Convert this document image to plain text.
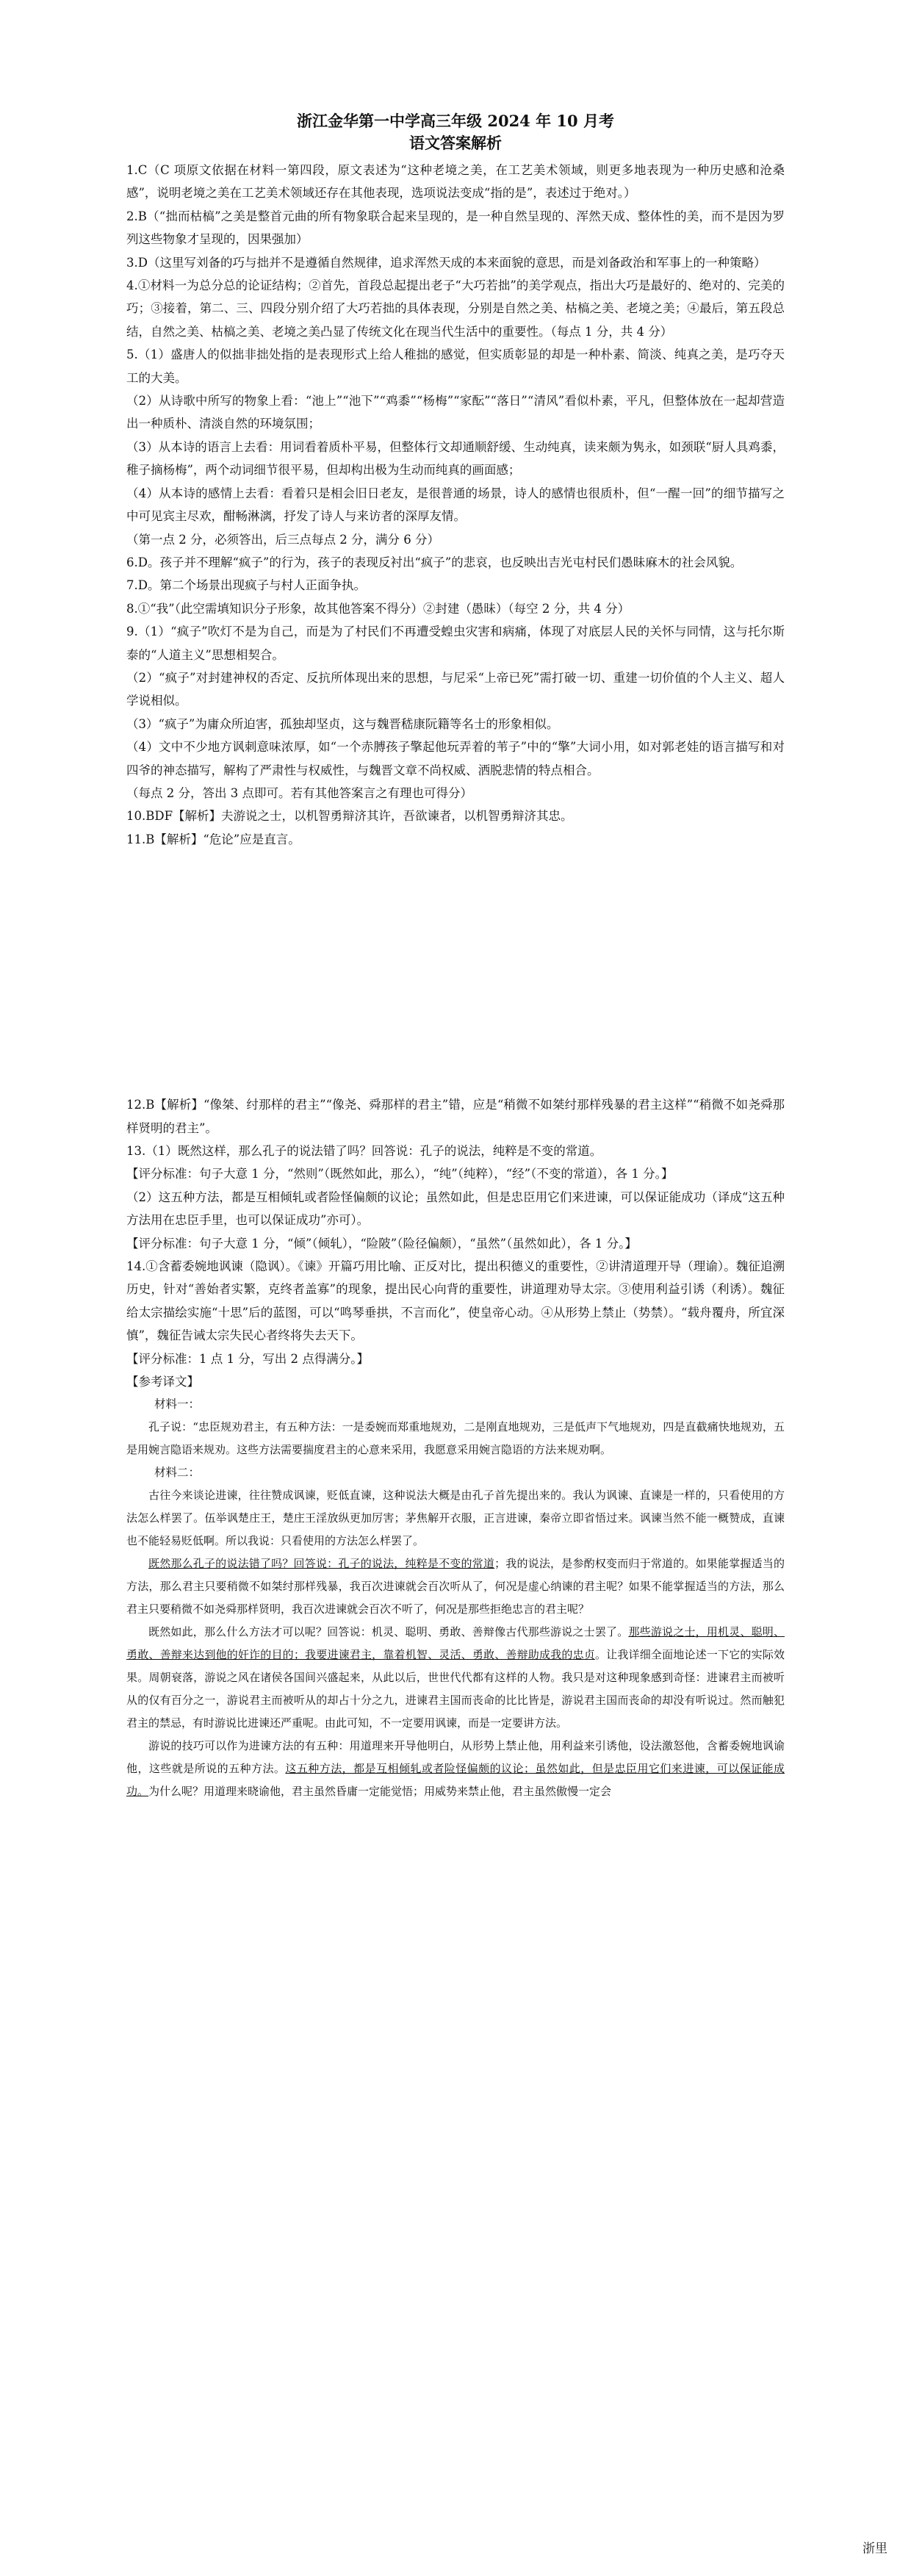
浙江金华第一中学高三年级 2024 年 10 月考
语文答案解析

1.C（C 项原文依据在材料一第四段，原文表述为“这种老境之美，在工艺美术领域，则更多地表现为一种历史感和沧桑感”，说明老境之美在工艺美术领域还存在其他表现，选项说法变成“指的是”，表述过于绝对。）

2.B（“拙而枯槁”之美是整首元曲的所有物象联合起来呈现的，是一种自然呈现的、浑然天成、整体性的美，而不是因为罗列这些物象才呈现的，因果强加）

3.D（这里写刘备的巧与拙并不是遵循自然规律，追求浑然天成的本来面貌的意思，而是刘备政治和军事上的一种策略）

4.①材料一为总分总的论证结构；②首先，首段总起提出老子“大巧若拙”的美学观点，指出大巧是最好的、绝对的、完美的巧；③接着，第二、三、四段分别介绍了大巧若拙的具体表现，分别是自然之美、枯槁之美、老境之美；④最后，第五段总结，自然之美、枯槁之美、老境之美凸显了传统文化在现当代生活中的重要性。（每点 1 分，共 4 分）

5.（1）盛唐人的似拙非拙处指的是表现形式上给人稚拙的感觉，但实质彰显的却是一种朴素、简淡、纯真之美，是巧夺天工的大美。

（2）从诗歌中所写的物象上看：“池上”“池下”“鸡黍”“杨梅”“家酝”“落日”“清风”看似朴素，平凡，但整体放在一起却营造出一种质朴、清淡自然的环境氛围；

（3）从本诗的语言上去看：用词看着质朴平易，但整体行文却通顺舒缓、生动纯真，读来颇为隽永，如颈联“厨人具鸡黍，稚子摘杨梅”，两个动词细节很平易，但却构出极为生动而纯真的画面感；

（4）从本诗的感情上去看：看着只是相会旧日老友，是很普通的场景，诗人的感情也很质朴，但“一醒一回”的细节描写之中可见宾主尽欢，酣畅淋漓，抒发了诗人与来访者的深厚友情。

（第一点 2 分，必须答出，后三点每点 2 分，满分 6 分）

6.D。孩子并不理解“疯子”的行为，孩子的表现反衬出“疯子”的悲哀，也反映出吉光屯村民们愚昧麻木的社会风貌。

7.D。第二个场景出现疯子与村人正面争执。

8.①“我”（此空需填知识分子形象，故其他答案不得分）②封建（愚昧）（每空 2 分，共 4 分）

9.（1）“疯子”吹灯不是为自己，而是为了村民们不再遭受蝗虫灾害和病痛，体现了对底层人民的关怀与同情，这与托尔斯泰的“人道主义”思想相契合。

（2）“疯子”对封建神权的否定、反抗所体现出来的思想，与尼采“上帝已死”需打破一切、重建一切价值的个人主义、超人学说相似。

（3）“疯子”为庸众所迫害，孤独却坚贞，这与魏晋嵇康阮籍等名士的形象相似。

（4）文中不少地方讽刺意味浓厚，如“一个赤膊孩子擎起他玩弄着的苇子”中的“擎”大词小用，如对郭老娃的语言描写和对四爷的神态描写，解构了严肃性与权威性，与魏晋文章不尚权威、洒脱悲情的特点相合。

（每点 2 分，答出 3 点即可。若有其他答案言之有理也可得分）

10.BDF【解析】夫游说之士，以机智勇辩济其许，吾欲谏者，以机智勇辩济其忠。

11.B【解析】“危论”应是直言。

12.B【解析】“像桀、纣那样的君主”“像尧、舜那样的君主”错，应是“稍微不如桀纣那样残暴的君主这样”“稍微不如尧舜那样贤明的君主”。

13.（1）既然这样，那么孔子的说法错了吗？回答说：孔子的说法，纯粹是不变的常道。

【评分标准：句子大意 1 分，“然则”（既然如此，那么），“纯”（纯粹），“经”（不变的常道），各 1 分。】

（2）这五种方法，都是互相倾轧或者险怪偏颇的议论；虽然如此，但是忠臣用它们来进谏，可以保证能成功（译成“这五种方法用在忠臣手里，也可以保证成功”亦可）。

【评分标准：句子大意 1 分，“倾”（倾轧），“险陂”（险径偏颇），“虽然”（虽然如此），各 1 分。】

14.①含蓄委婉地讽谏（隐讽）。《谏》开篇巧用比喻、正反对比，提出积德义的重要性，②讲清道理开导（理谕）。魏征追溯历史，针对“善始者实繁，克终者盖寡”的现象，提出民心向背的重要性，讲道理劝导太宗。③使用利益引诱（利诱）。魏征给太宗描绘实施“十思”后的蓝图，可以“鸣琴垂拱，不言而化”，使皇帝心动。④从形势上禁止（势禁）。“载舟覆舟，所宜深慎”，魏征告诫太宗失民心者终将失去天下。

【评分标准：1 点 1 分，写出 2 点得满分。】

【参考译文】

材料一：

孔子说：“忠臣规劝君主，有五种方法：一是委婉而郑重地规劝，二是刚直地规劝，三是低声下气地规劝，四是直截痛快地规劝，五是用婉言隐语来规劝。这些方法需要揣度君主的心意来采用，我愿意采用婉言隐语的方法来规劝啊。

材料二：

古往今来谈论进谏，往往赞成讽谏，贬低直谏，这种说法大概是由孔子首先提出来的。我认为讽谏、直谏是一样的，只看使用的方法怎么样罢了。伍举讽楚庄王，楚庄王淫放纵更加厉害；茅焦解开衣服，正言进谏，秦帝立即省悟过来。讽谏当然不能一概赞成，直谏也不能轻易贬低啊。所以我说：只看使用的方法怎么样罢了。

既然那么孔子的说法错了吗？回答说：孔子的说法，纯粹是不变的常道；我的说法，是参酌权变而归于常道的。如果能掌握适当的方法，那么君主只要稍微不如桀纣那样残暴，我百次进谏就会百次听从了，何况是虚心纳谏的君主呢？如果不能掌握适当的方法，那么君主只要稍微不如尧舜那样贤明，我百次进谏就会百次不听了，何况是那些拒绝忠言的君主呢？

既然如此，那么什么方法才可以呢？回答说：机灵、聪明、勇敢、善辩像古代那些游说之士罢了。那些游说之士，用机灵、聪明、勇敢、善辩来达到他的奸诈的目的；我要进谏君主，靠着机智、灵活、勇敢、善辩助成我的忠贞。让我详细全面地论述一下它的实际效果。周朝衰落，游说之风在诸侯各国间兴盛起来，从此以后，世世代代都有这样的人物。我只是对这种现象感到奇怪：进谏君主而被听从的仅有百分之一，游说君主而被听从的却占十分之九，进谏君主国而丧命的比比皆是，游说君主国而丧命的却没有听说过。然而触犯君主的禁忌，有时游说比进谏还严重呢。由此可知，不一定要用讽谏，而是一定要讲方法。

游说的技巧可以作为进谏方法的有五种：用道理来开导他明白，从形势上禁止他，用利益来引诱他，设法激怒他，含蓄委婉地讽谕他，这些就是所说的五种方法。这五种方法，都是互相倾轧或者险怪偏颇的议论；虽然如此，但是忠臣用它们来进谏，可以保证能成功。为什么呢？用道理来晓谕他，君主虽然昏庸一定能觉悟；用威势来禁止他，君主虽然傲慢一定会

浙里
